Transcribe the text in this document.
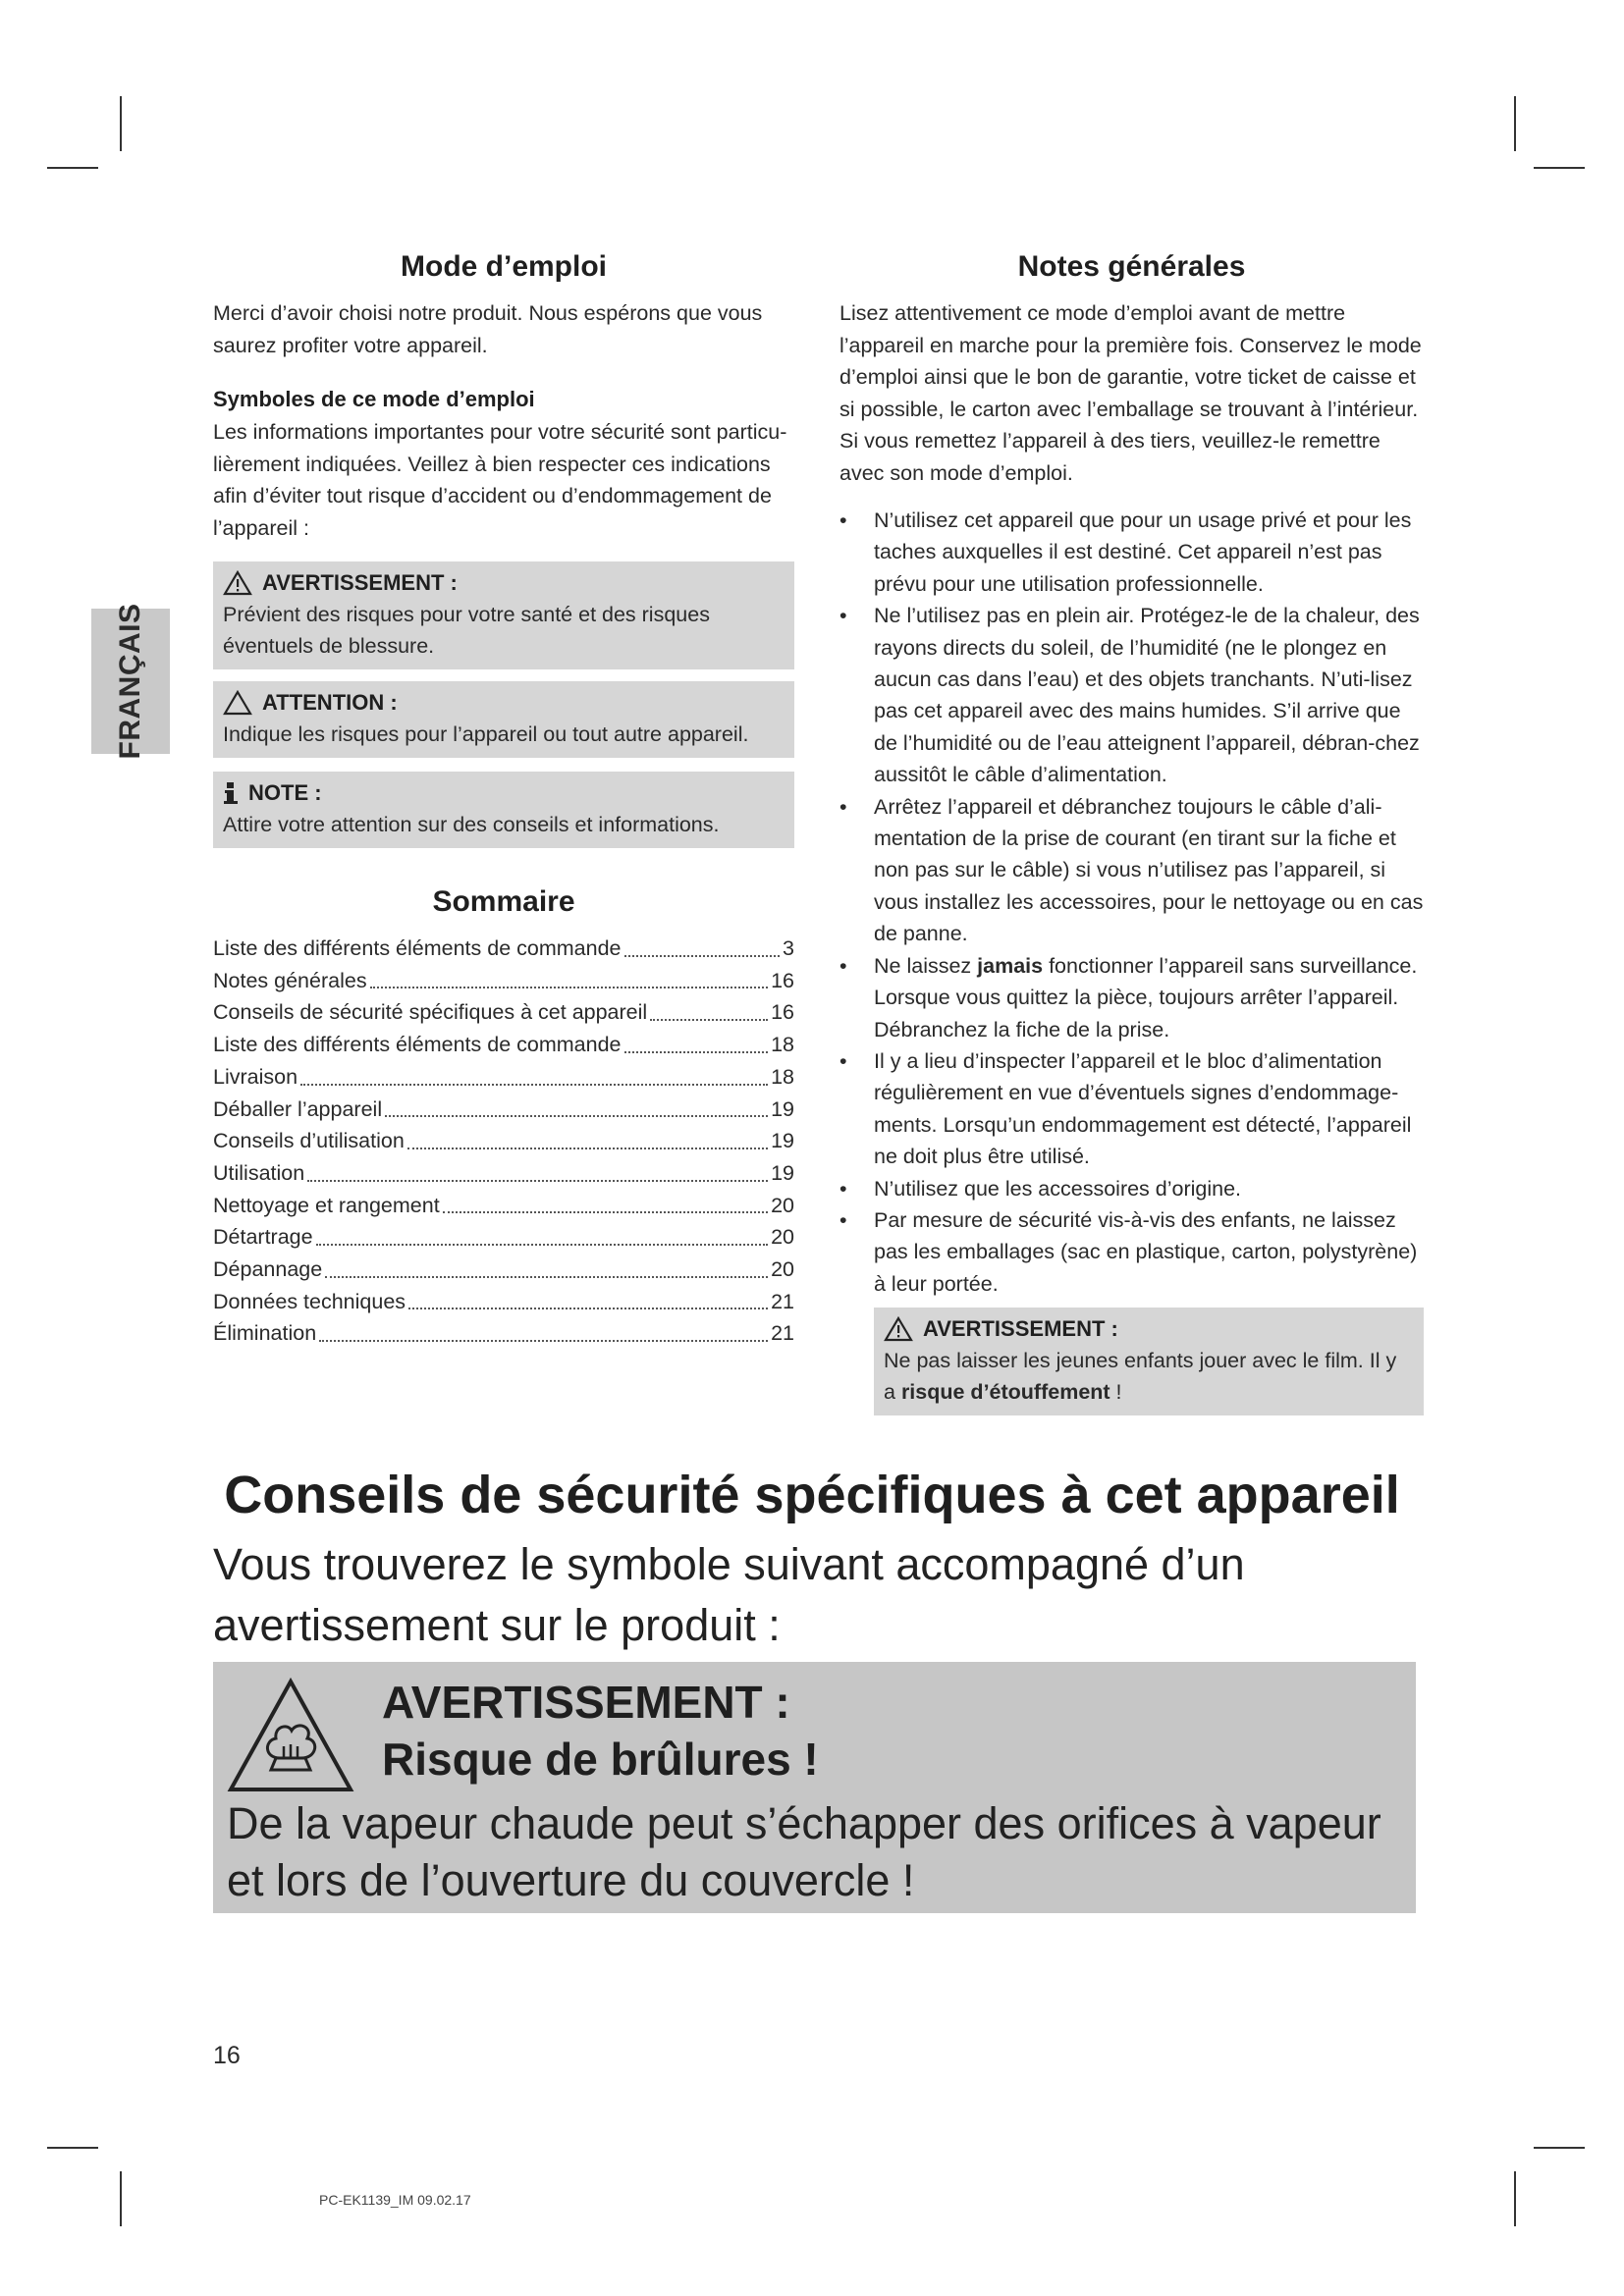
FRANÇAIS
Mode d’emploi

Merci d’avoir choisi notre produit. Nous espérons que vous saurez profiter votre appareil.

Symboles de ce mode d’emploi

Les informations importantes pour votre sécurité sont particu-lièrement indiquées. Veillez à bien respecter ces indications afin d’éviter tout risque d’accident ou d’endommagement de l’appareil :

AVERTISSEMENT :
Prévient des risques pour votre santé et des risques éventuels de blessure.
ATTENTION :
Indique les risques pour l’appareil ou tout autre appareil.
NOTE :
Attire votre attention sur des conseils et informations.
Sommaire
Liste des différents éléments de commande	3
Notes générales	16
Conseils de sécurité spécifiques à cet appareil	16
Liste des différents éléments de commande	18
Livraison	18
Déballer l’appareil	19
Conseils d’utilisation	19
Utilisation	19
Nettoyage et rangement	20
Détartrage	20
Dépannage	20
Données techniques	21
Élimination	21
Notes générales

Lisez attentivement ce mode d’emploi avant de mettre l’appareil en marche pour la première fois. Conservez le mode d’emploi ainsi que le bon de garantie, votre ticket de caisse et si possible, le carton avec l’emballage se trouvant à l’intérieur. Si vous remettez l’appareil à des tiers, veuillez-le remettre avec son mode d’emploi.

• N’utilisez cet appareil que pour un usage privé et pour les taches auxquelles il est destiné. Cet appareil n’est pas prévu pour une utilisation professionnelle.
• Ne l’utilisez pas en plein air. Protégez-le de la chaleur, des rayons directs du soleil, de l’humidité (ne le plongez en aucun cas dans l’eau) et des objets tranchants. N’uti-lisez pas cet appareil avec des mains humides. S’il arrive que de l’humidité ou de l’eau atteignent l’appareil, débran-chez aussitôt le câble d’alimentation.
• Arrêtez l’appareil et débranchez toujours le câble d’ali-mentation de la prise de courant (en tirant sur la fiche et non pas sur le câble) si vous n’utilisez pas l’appareil, si vous installez les accessoires, pour le nettoyage ou en cas de panne.
• Ne laissez jamais fonctionner l’appareil sans surveillance. Lorsque vous quittez la pièce, toujours arrêter l’appareil. Débranchez la fiche de la prise.
• Il y a lieu d’inspecter l’appareil et le bloc d’alimentation régulièrement en vue d’éventuels signes d’endommage-ments. Lorsqu’un endommagement est détecté, l’appareil ne doit plus être utilisé.
• N’utilisez que les accessoires d’origine.
• Par mesure de sécurité vis-à-vis des enfants, ne laissez pas les emballages (sac en plastique, carton, polystyrène) à leur portée.
AVERTISSEMENT :
Ne pas laisser les jeunes enfants jouer avec le film. Il y a risque d’étouffement !
Conseils de sécurité spécifiques à cet appareil
Vous trouverez le symbole suivant accompagné d’un avertissement sur le produit :
AVERTISSEMENT :
Risque de brûlures !
De la vapeur chaude peut s’échapper des orifices à vapeur et lors de l’ouverture du couvercle !
16
PC-EK1139_IM 09.02.17
